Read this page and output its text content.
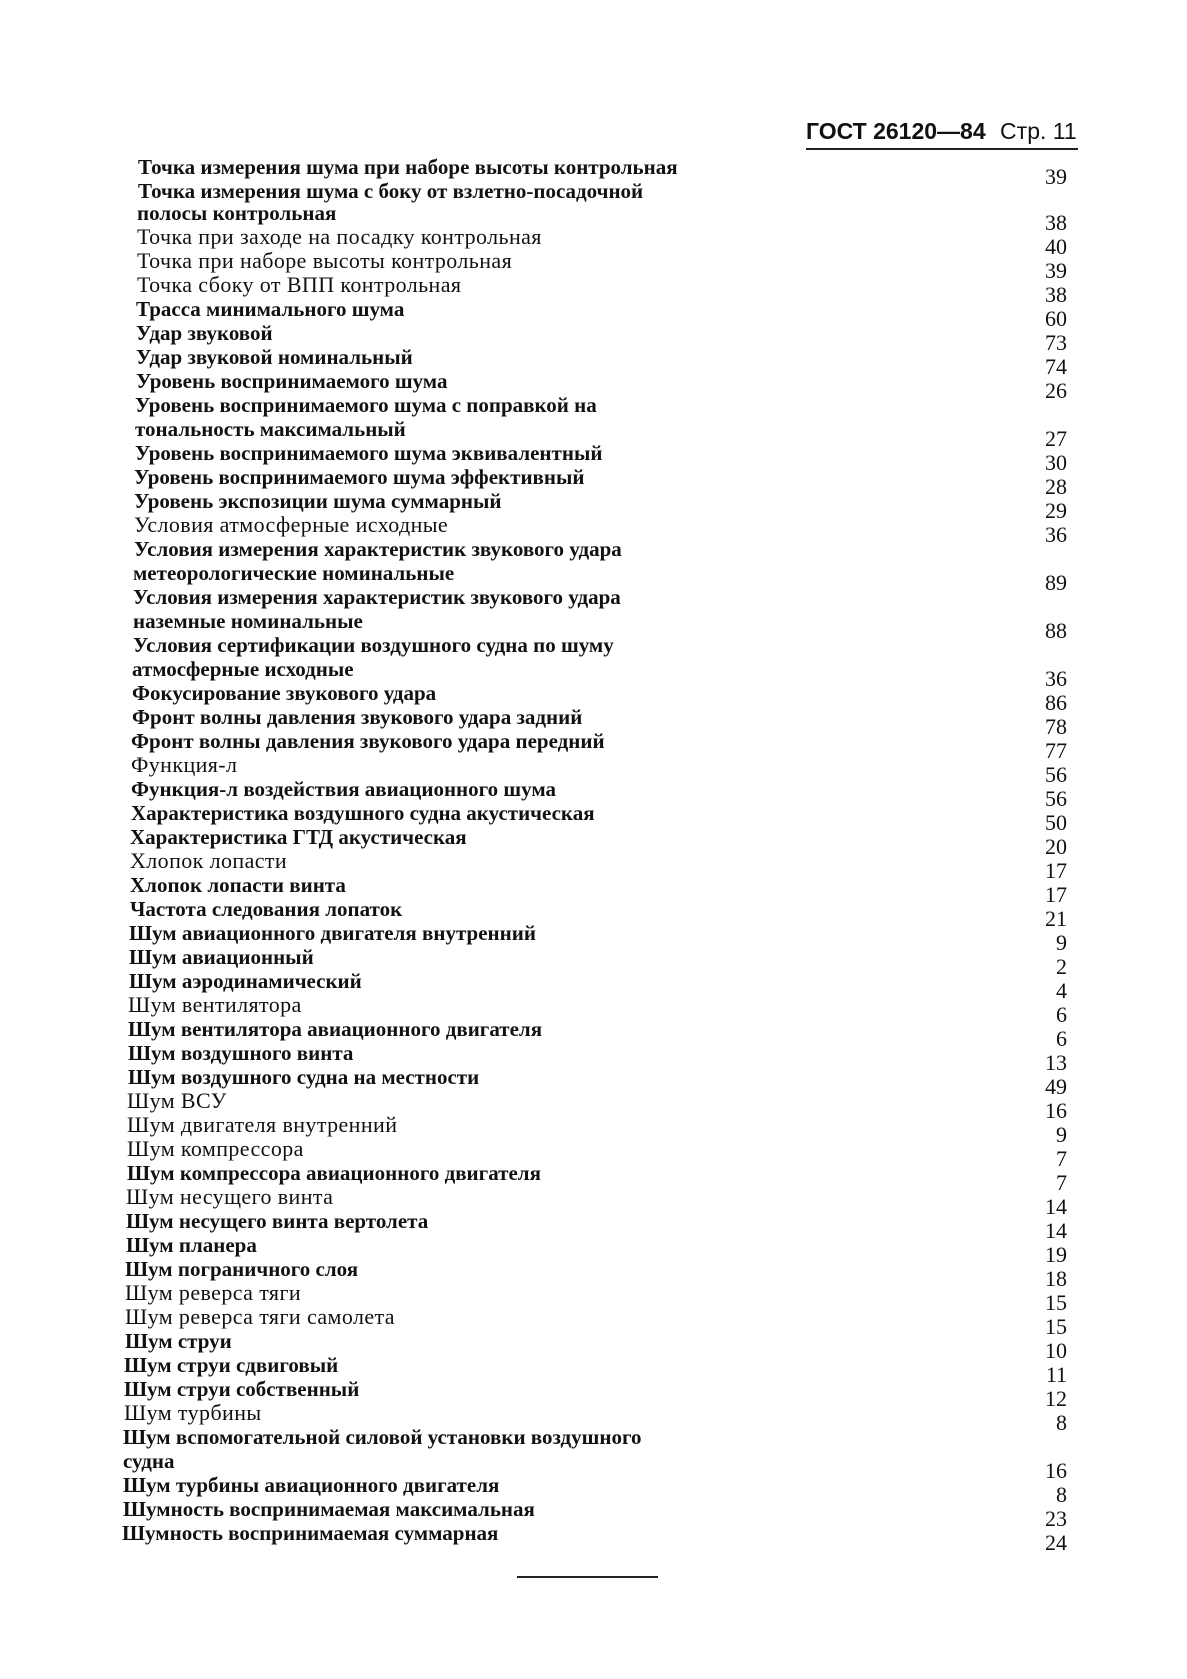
ГОСТ 26120—84 Стр. 11
Точка измерения шума при наборе высоты контрольная	39
Точка измерения шума с боку от взлетно-посадочной
полосы контрольная	38
Точка при заходе на посадку контрольная	40
Точка при наборе высоты контрольная	39
Точка сбоку от ВПП контрольная	38
Трасса минимального шума	60
Удар звуковой	73
Удар звуковой номинальный	74
Уровень воспринимаемого шума	26
Уровень воспринимаемого шума с поправкой на
тональность максимальный	27
Уровень воспринимаемого шума эквивалентный	30
Уровень воспринимаемого шума эффективный	28
Уровень экспозиции шума суммарный	29
Условия атмосферные исходные	36
Условия измерения характеристик звукового удара
метеорологические номинальные	89
Условия измерения характеристик звукового удара
наземные номинальные	88
Условия сертификации воздушного судна по шуму
атмосферные исходные	36
Фокусирование звукового удара	86
Фронт волны давления звукового удара задний	78
Фронт волны давления звукового удара передний	77
Функция-л	56
Функция-л воздействия авиационного шума	56
Характеристика воздушного судна акустическая	50
Характеристика ГТД акустическая	20
Хлопок лопасти	17
Хлопок лопасти винта	17
Частота следования лопаток	21
Шум авиационного двигателя внутренний	9
Шум авиационный	2
Шум аэродинамический	4
Шум вентилятора	6
Шум вентилятора авиационного двигателя	6
Шум воздушного винта	13
Шум воздушного судна на местности	49
Шум ВСУ	16
Шум двигателя внутренний	9
Шум компрессора	7
Шум компрессора авиационного двигателя	7
Шум несущего винта	14
Шум несущего винта вертолета	14
Шум планера	19
Шум пограничного слоя	18
Шум реверса тяги	15
Шум реверса тяги самолета	15
Шум струи	10
Шум струи сдвиговый	11
Шум струи собственный	12
Шум турбины	8
Шум вспомогательной силовой установки воздушного
судна	16
Шум турбины авиационного двигателя	8
Шумность воспринимаемая максимальная	23
Шумность воспринимаемая суммарная	24
